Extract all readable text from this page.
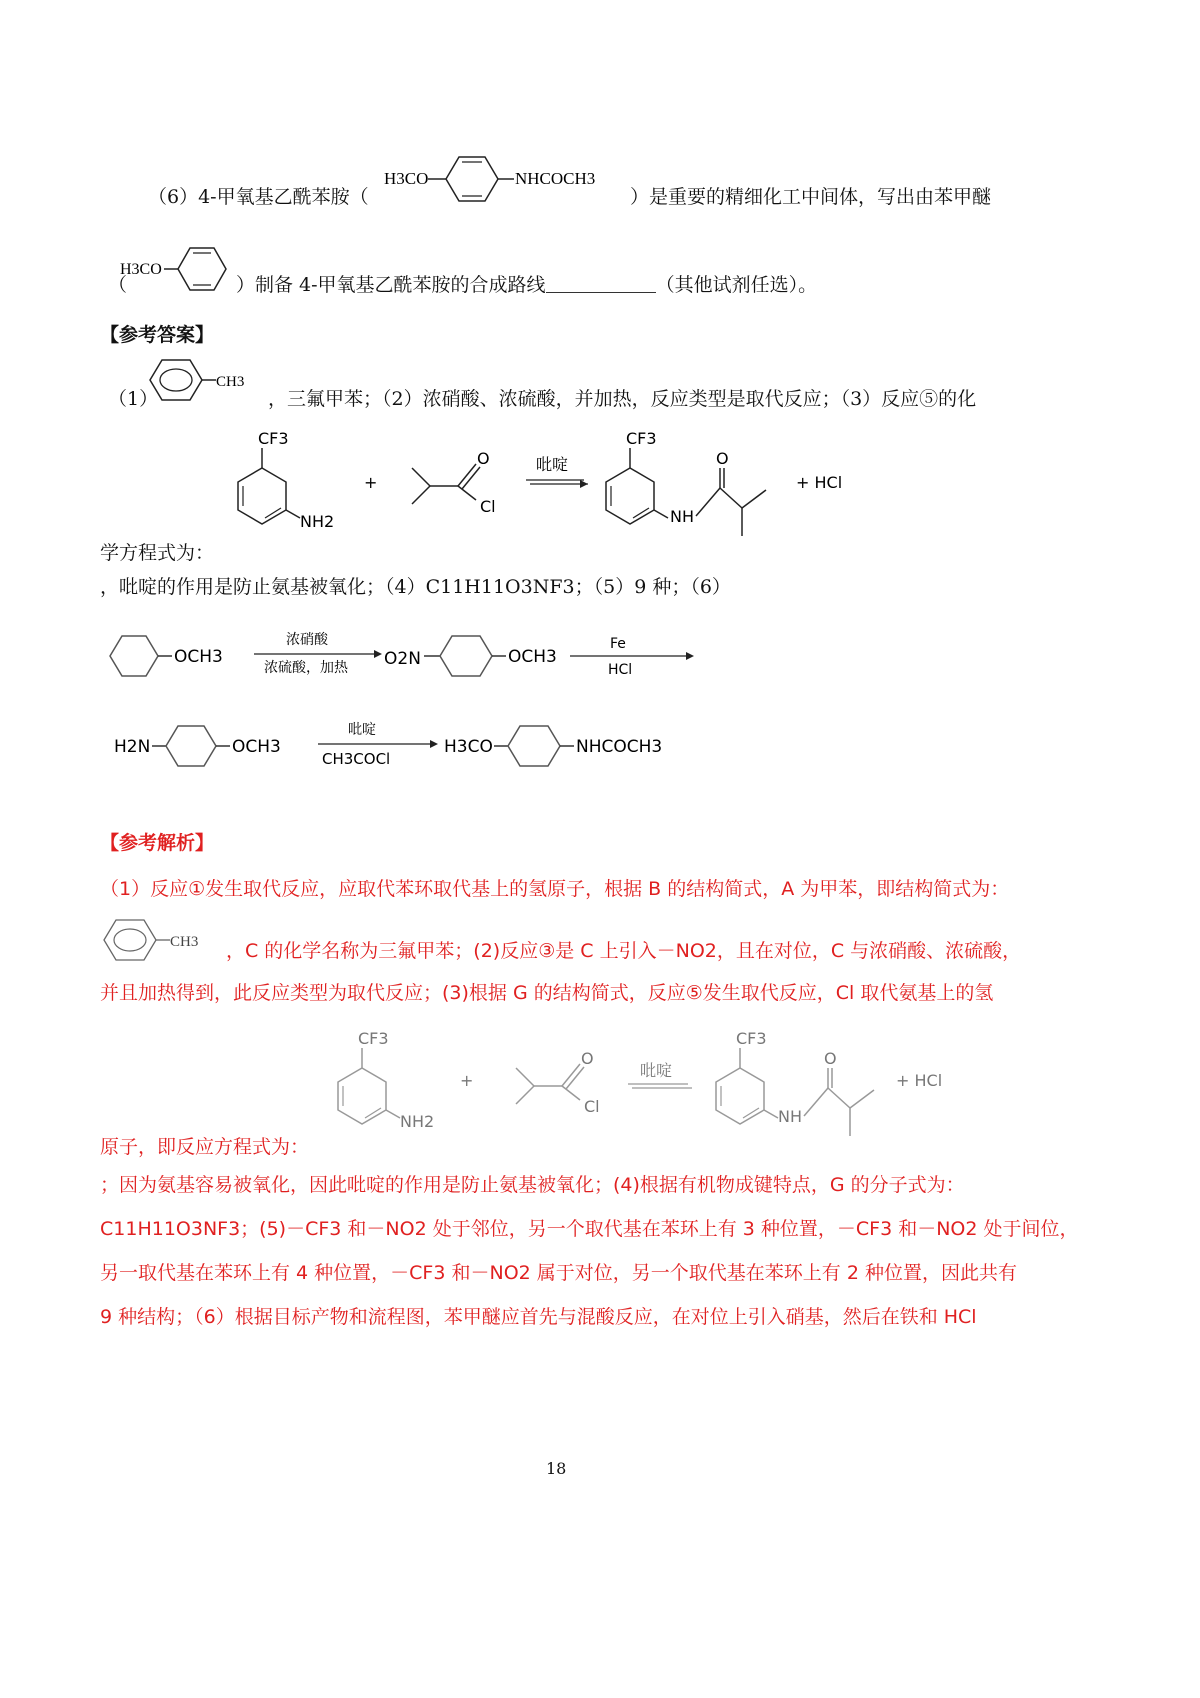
（6）4-甲氧基乙酰苯胺（
H3CO	NHCOCH3
）是重要的精细化工中间体，写出由苯甲醚
（
H3CO
）制备 4-甲氧基乙酰苯胺的合成路线	（其他试剂任选）。
【参考答案】
（1）
CH3
，三氟甲苯；（2）浓硝酸、浓硫酸，并加热，反应类型是取代反应；（3）反应⑤的化
CF3
NH2
+
O
Cl
吡啶
CF3
NH
O
+ HCl
学方程式为：
，吡啶的作用是防止氨基被氧化；（4）C11H11O3NF3；（5）9 种；（6）
OCH3
浓硝酸
浓硫酸，加热 O2N	OCH3
Fe
HCl
H2N	OCH3
吡啶
CH3COCl
H3CO	NHCOCH3
【参考解析】
（1）反应①发生取代反应，应取代苯环取代基上的氢原子，根据 B 的结构简式，A 为甲苯，即结构简式为：
CH3 ，C 的化学名称为三氟甲苯；(2)反应③是 C 上引入－NO2，且在对位，C 与浓硝酸、浓硫酸，
并且加热得到，此反应类型为取代反应；(3)根据 G 的结构简式，反应⑤发生取代反应，Cl 取代氨基上的氢
CF3
NH2
+
O
Cl
吡啶
CF3
NH
O
+ HCl
原子，即反应方程式为：
；因为氨基容易被氧化，因此吡啶的作用是防止氨基被氧化；(4)根据有机物成键特点，G 的分子式为：
C11H11O3NF3；(5)－CF3 和－NO2 处于邻位，另一个取代基在苯环上有 3 种位置，－CF3 和－NO2 处于间位，
另一取代基在苯环上有 4 种位置，－CF3 和－NO2 属于对位，另一个取代基在苯环上有 2 种位置，因此共有
9 种结构；（6）根据目标产物和流程图，苯甲醚应首先与混酸反应，在对位上引入硝基，然后在铁和 HCl
18
